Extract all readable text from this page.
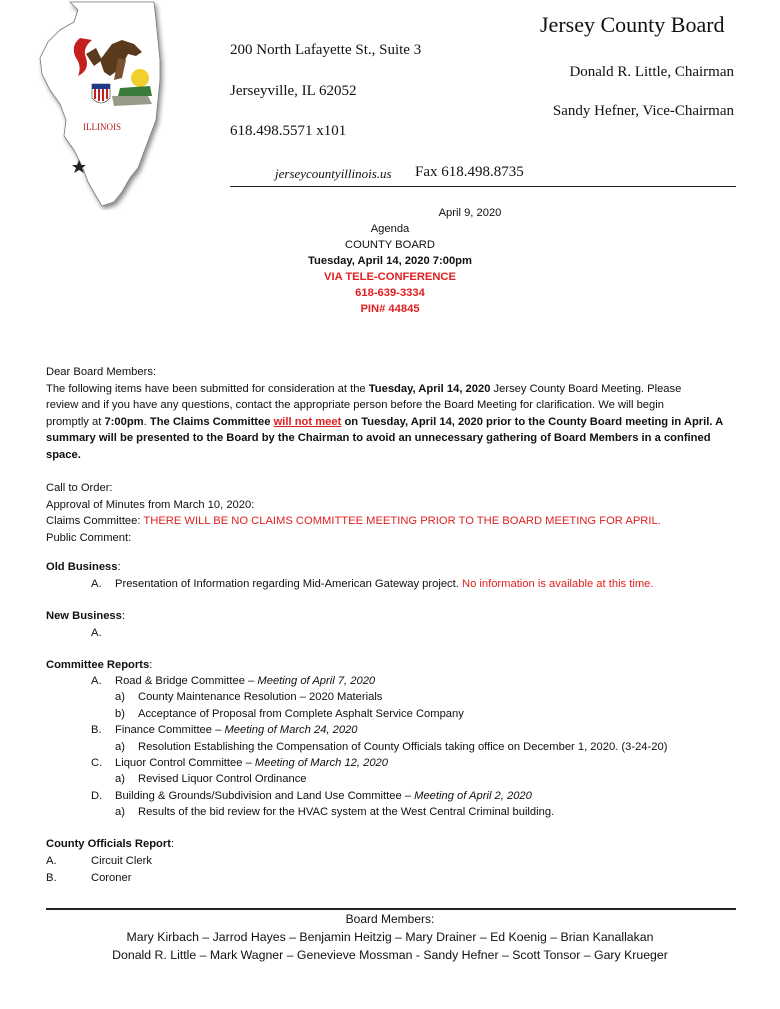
ILLINOIS
Jersey County Board
200 North Lafayette St., Suite 3
Jerseyville, IL 62052
618.498.5571 x101
Donald R. Little, Chairman
Sandy Hefner, Vice-Chairman
jerseycountyillinois.us Fax 618.498.8735
April 9, 2020
Agenda
COUNTY BOARD
Tuesday, April 14, 2020 7:00pm
VIA TELE-CONFERENCE
618-639-3334
PIN# 44845
Dear Board Members:
The following items have been submitted for consideration at the Tuesday, April 14, 2020 Jersey County Board Meeting. Please
review and if you have any questions, contact the appropriate person before the Board Meeting for clarification. We will begin
promptly at 7:00pm. The Claims Committee will not meet on Tuesday, April 14, 2020 prior to the County Board meeting in April. A
summary will be presented to the Board by the Chairman to avoid an unnecessary gathering of Board Members in a confined
space.
Call to Order:
Approval of Minutes from March 10, 2020:
Claims Committee: THERE WILL BE NO CLAIMS COMMITTEE MEETING PRIOR TO THE BOARD MEETING FOR APRIL.
Public Comment:
Old Business:
A. Presentation of Information regarding Mid-American Gateway project. No information is available at this time.
New Business:
A.
Committee Reports:
A. Road & Bridge Committee – Meeting of April 7, 2020
a) County Maintenance Resolution – 2020 Materials
b) Acceptance of Proposal from Complete Asphalt Service Company
B. Finance Committee – Meeting of March 24, 2020
a) Resolution Establishing the Compensation of County Officials taking office on December 1, 2020. (3-24-20)
C. Liquor Control Committee – Meeting of March 12, 2020
a) Revised Liquor Control Ordinance
D. Building & Grounds/Subdivision and Land Use Committee – Meeting of April 2, 2020
a) Results of the bid review for the HVAC system at the West Central Criminal building.
County Officials Report:
A.	Circuit Clerk
B.	Coroner
Board Members:
Mary Kirbach – Jarrod Hayes – Benjamin Heitzig – Mary Drainer – Ed Koenig – Brian Kanallakan
Donald R. Little – Mark Wagner – Genevieve Mossman - Sandy Hefner – Scott Tonsor – Gary Krueger
